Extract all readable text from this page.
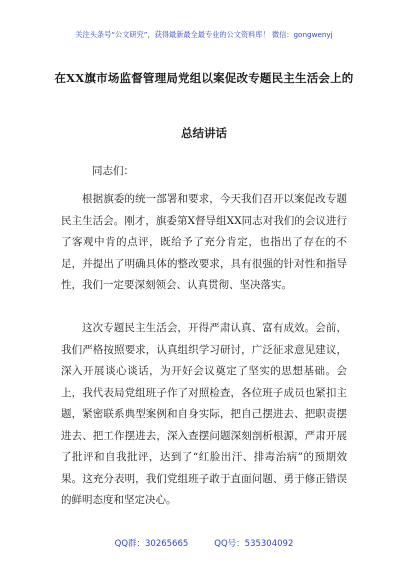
关注头条号“公文研究”，获得最新最全最专业的公文资料库！ 微信：gongwenyj
在XX旗市场监督管理局党组以案促改专题民主生活会上的
总结讲话
同志们：

根据旗委的统一部署和要求，今天我们召开以案促改专题民主生活会。刚才，旗委第X督导组XX同志对我们的会议进行了客观中肯的点评，既给予了充分肯定，也指出了存在的不足，并提出了明确具体的整改要求，具有很强的针对性和指导性，我们一定要深刻领会、认真贯彻、坚决落实。

这次专题民主生活会，开得严肃认真、富有成效。会前，我们严格按照要求，认真组织学习研讨，广泛征求意见建议，深入开展谈心谈话，为开好会议奠定了坚实的思想基础。会上，我代表局党组班子作了对照检查，各位班子成员也紧扣主题，紧密联系典型案例和自身实际，把自己摆进去、把职责摆进去、把工作摆进去，深入查摆问题深刻剖析根源，严肃开展了批评和自我批评，达到了“红脸出汗、排毒治病”的预期效果。这充分表明，我们党组班子敢于直面问题、勇于修正错误的鲜明态度和坚定决心。

QQ群：30265665	QQ号：535304092
